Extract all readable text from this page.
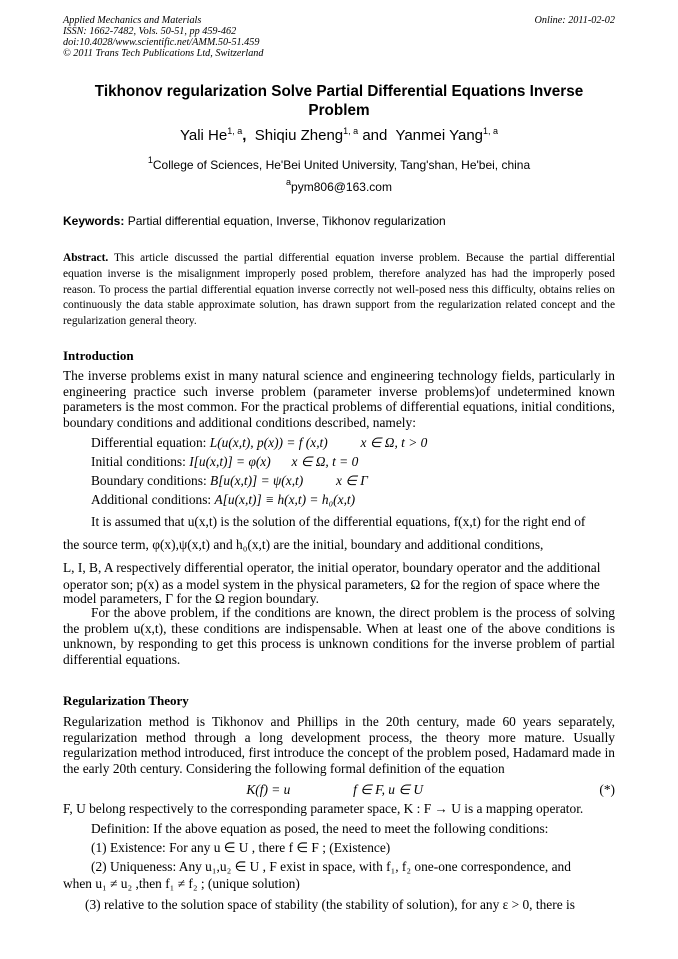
Applied Mechanics and Materials	Online: 2011-02-02
ISSN: 1662-7482, Vols. 50-51, pp 459-462
doi:10.4028/www.scientific.net/AMM.50-51.459
© 2011 Trans Tech Publications Ltd, Switzerland
Tikhonov regularization Solve Partial Differential Equations Inverse
Problem
Yali He$^{1, a}$, Shiqiu Zheng$^{1, a}$ and Yanmei Yang$^{1, a}$
$^1$College of Sciences, He'Bei United University, Tang'shan, He'bei, china
$^a$pym806@163.com
Keywords: Partial differential equation, Inverse, Tikhonov regularization
Abstract. This article discussed the partial differential equation inverse problem. Because the partial differential equation inverse is the misalignment improperly posed problem, therefore analyzed has had the improperly posed reason. To process the partial differential equation inverse correctly not well-posed ness this difficulty, obtains relies on continuously the data stable approximate solution, has drawn support from the regularization related concept and the regularization general theory.
Introduction
The inverse problems exist in many natural science and engineering technology fields, particularly in engineering practice such inverse problem (parameter inverse problems)of undetermined known parameters is the most common. For the practical problems of differential equations, initial conditions, boundary conditions and additional conditions described, namely:
Differential equation: L(u(x,t), p(x)) = f (x,t) x ∈ Ω, t > 0
Initial conditions: I[u(x,t)] = φ(x) x ∈ Ω, t = 0
Boundary conditions: B[u(x,t)] = ψ(x,t) x ∈ Γ
Additional conditions: A[u(x,t)] ≡ h(x,t) = h₀(x,t)
It is assumed that u(x,t) is the solution of the differential equations, f(x,t) for the right end of
the source term, φ(x),ψ(x,t) and h₀(x,t) are the initial, boundary and additional conditions,
L, I, B, A respectively differential operator, the initial operator, boundary operator and the additional
operator son; p(x) as a model system in the physical parameters, Ω for the region of space where the
model parameters, Γ for the Ω region boundary.
For the above problem, if the conditions are known, the direct problem is the process of solving the problem u(x,t), these conditions are indispensable. When at least one of the above conditions is unknown, by responding to get this process is unknown conditions for the inverse problem of partial differential equations.
Regularization Theory
Regularization method is Tikhonov and Phillips in the 20th century, made 60 years separately, regularization method through a long development process, the theory more mature. Usually regularization method introduced, first introduce the concept of the problem posed, Hadamard made in the early 20th century. Considering the following formal definition of the equation
K(f) = u	f ∈ F, u ∈ U	(*)
F, U belong respectively to the corresponding parameter space, K : F → U is a mapping operator.
Definition: If the above equation as posed, the need to meet the following conditions:
(1) Existence: For any u ∈ U , there f ∈ F ; (Existence)
(2) Uniqueness: Any u₁,u₂ ∈ U , F exist in space, with f₁, f₂ one-one correspondence, and
when u₁ ≠ u₂ ,then f₁ ≠ f₂ ; (unique solution)
(3) relative to the solution space of stability (the stability of solution), for any ε > 0, there is
